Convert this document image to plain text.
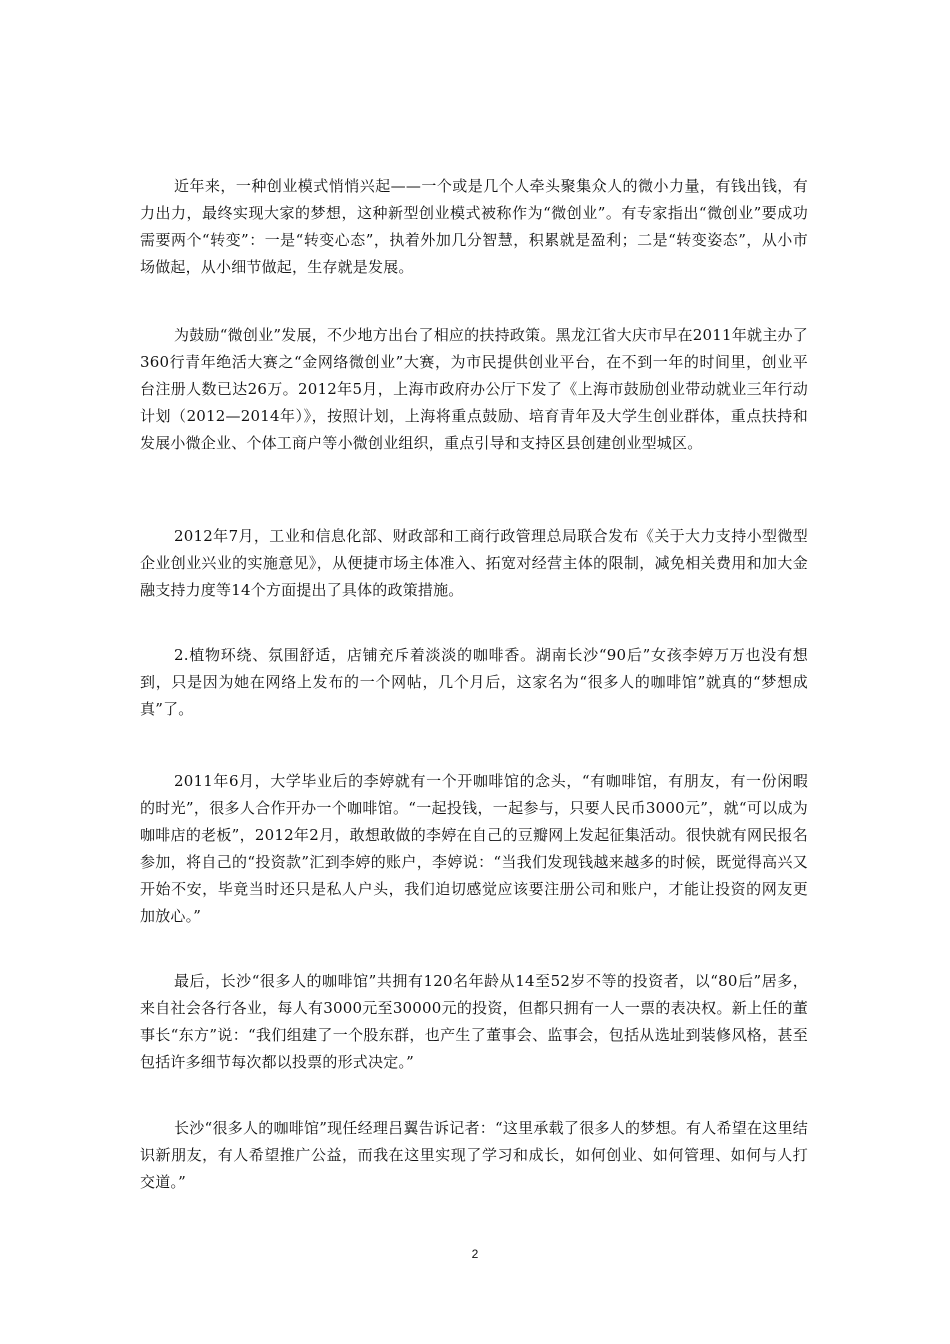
近年来，一种创业模式悄悄兴起——一个或是几个人牵头聚集众人的微小力量，有钱出钱，有力出力，最终实现大家的梦想，这种新型创业模式被称作为“微创业”。有专家指出“微创业”要成功需要两个“转变”：一是“转变心态”，执着外加几分智慧，积累就是盈利；二是“转变姿态”，从小市场做起，从小细节做起，生存就是发展。

为鼓励“微创业”发展，不少地方出台了相应的扶持政策。黑龙江省大庆市早在2011年就主办了360行青年绝活大赛之“金网络微创业”大赛，为市民提供创业平台，在不到一年的时间里，创业平台注册人数已达26万。2012年5月，上海市政府办公厅下发了《上海市鼓励创业带动就业三年行动计划（2012—2014年）》，按照计划，上海将重点鼓励、培育青年及大学生创业群体，重点扶持和发展小微企业、个体工商户等小微创业组织，重点引导和支持区县创建创业型城区。

2012年7月，工业和信息化部、财政部和工商行政管理总局联合发布《关于大力支持小型微型企业创业兴业的实施意见》，从便捷市场主体准入、拓宽对经营主体的限制，减免相关费用和加大金融支持力度等14个方面提出了具体的政策措施。

2.植物环绕、氛围舒适，店铺充斥着淡淡的咖啡香。湖南长沙“90后”女孩李婷万万也没有想到，只是因为她在网络上发布的一个网帖，几个月后，这家名为“很多人的咖啡馆”就真的“梦想成真”了。

2011年6月，大学毕业后的李婷就有一个开咖啡馆的念头，“有咖啡馆，有朋友，有一份闲暇的时光”，很多人合作开办一个咖啡馆。“一起投钱，一起参与，只要人民币3000元”，就“可以成为咖啡店的老板”，2012年2月，敢想敢做的李婷在自己的豆瓣网上发起征集活动。很快就有网民报名参加，将自己的“投资款”汇到李婷的账户，李婷说：“当我们发现钱越来越多的时候，既觉得高兴又开始不安，毕竟当时还只是私人户头，我们迫切感觉应该要注册公司和账户，才能让投资的网友更加放心。”

最后，长沙“很多人的咖啡馆”共拥有120名年龄从14至52岁不等的投资者，以“80后”居多，来自社会各行各业，每人有3000元至30000元的投资，但都只拥有一人一票的表决权。新上任的董事长“东方”说：“我们组建了一个股东群，也产生了董事会、监事会，包括从选址到装修风格，甚至包括许多细节每次都以投票的形式决定。”

长沙“很多人的咖啡馆”现任经理吕翼告诉记者：“这里承载了很多人的梦想。有人希望在这里结识新朋友，有人希望推广公益，而我在这里实现了学习和成长，如何创业、如何管理、如何与人打交道。”

2
